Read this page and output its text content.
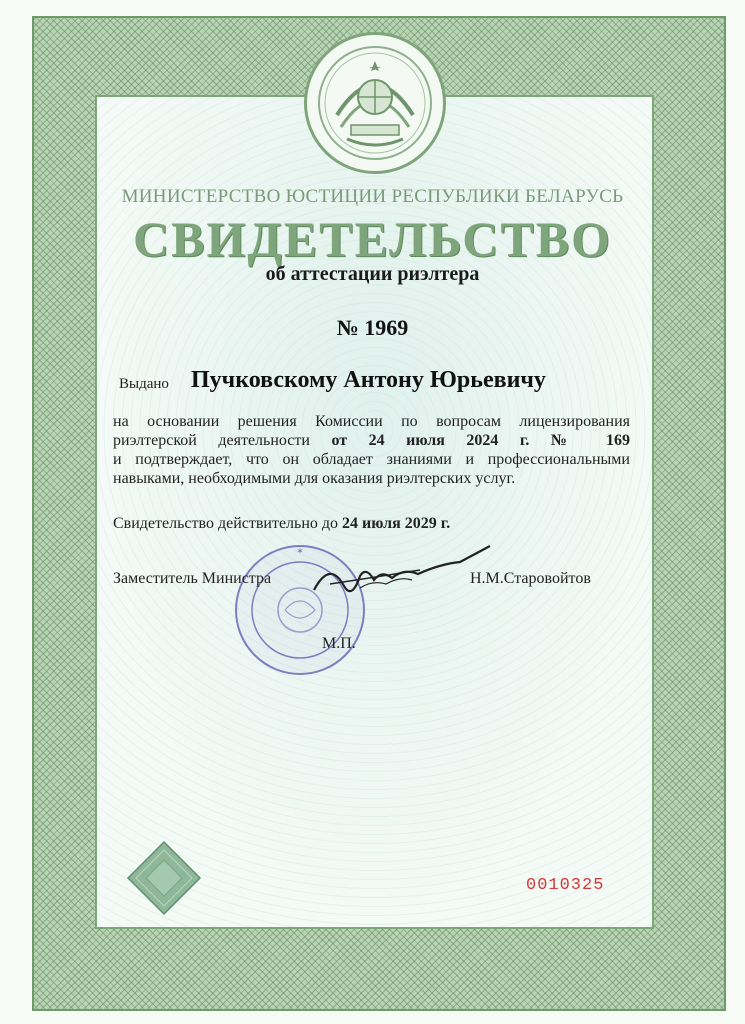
МИНИСТЕРСТВО ЮСТИЦИИ РЕСПУБЛИКИ БЕЛАРУСЬ
СВИДЕТЕЛЬСТВО
об аттестации риэлтера
№ 1969
Выдано Пучковскому Антону Юрьевичу
на основании решения Комиссии по вопросам лицензирования
риэлтерской деятельности от 24 июля 2024 г. № 169
и подтверждает, что он обладает знаниями и профессиональными
навыками, необходимыми для оказания риэлтерских услуг.
Свидетельство действительно до 24 июля 2029 г.
✶
Заместитель Министра	Н.М.Старовойтов
М.П.
0010325
